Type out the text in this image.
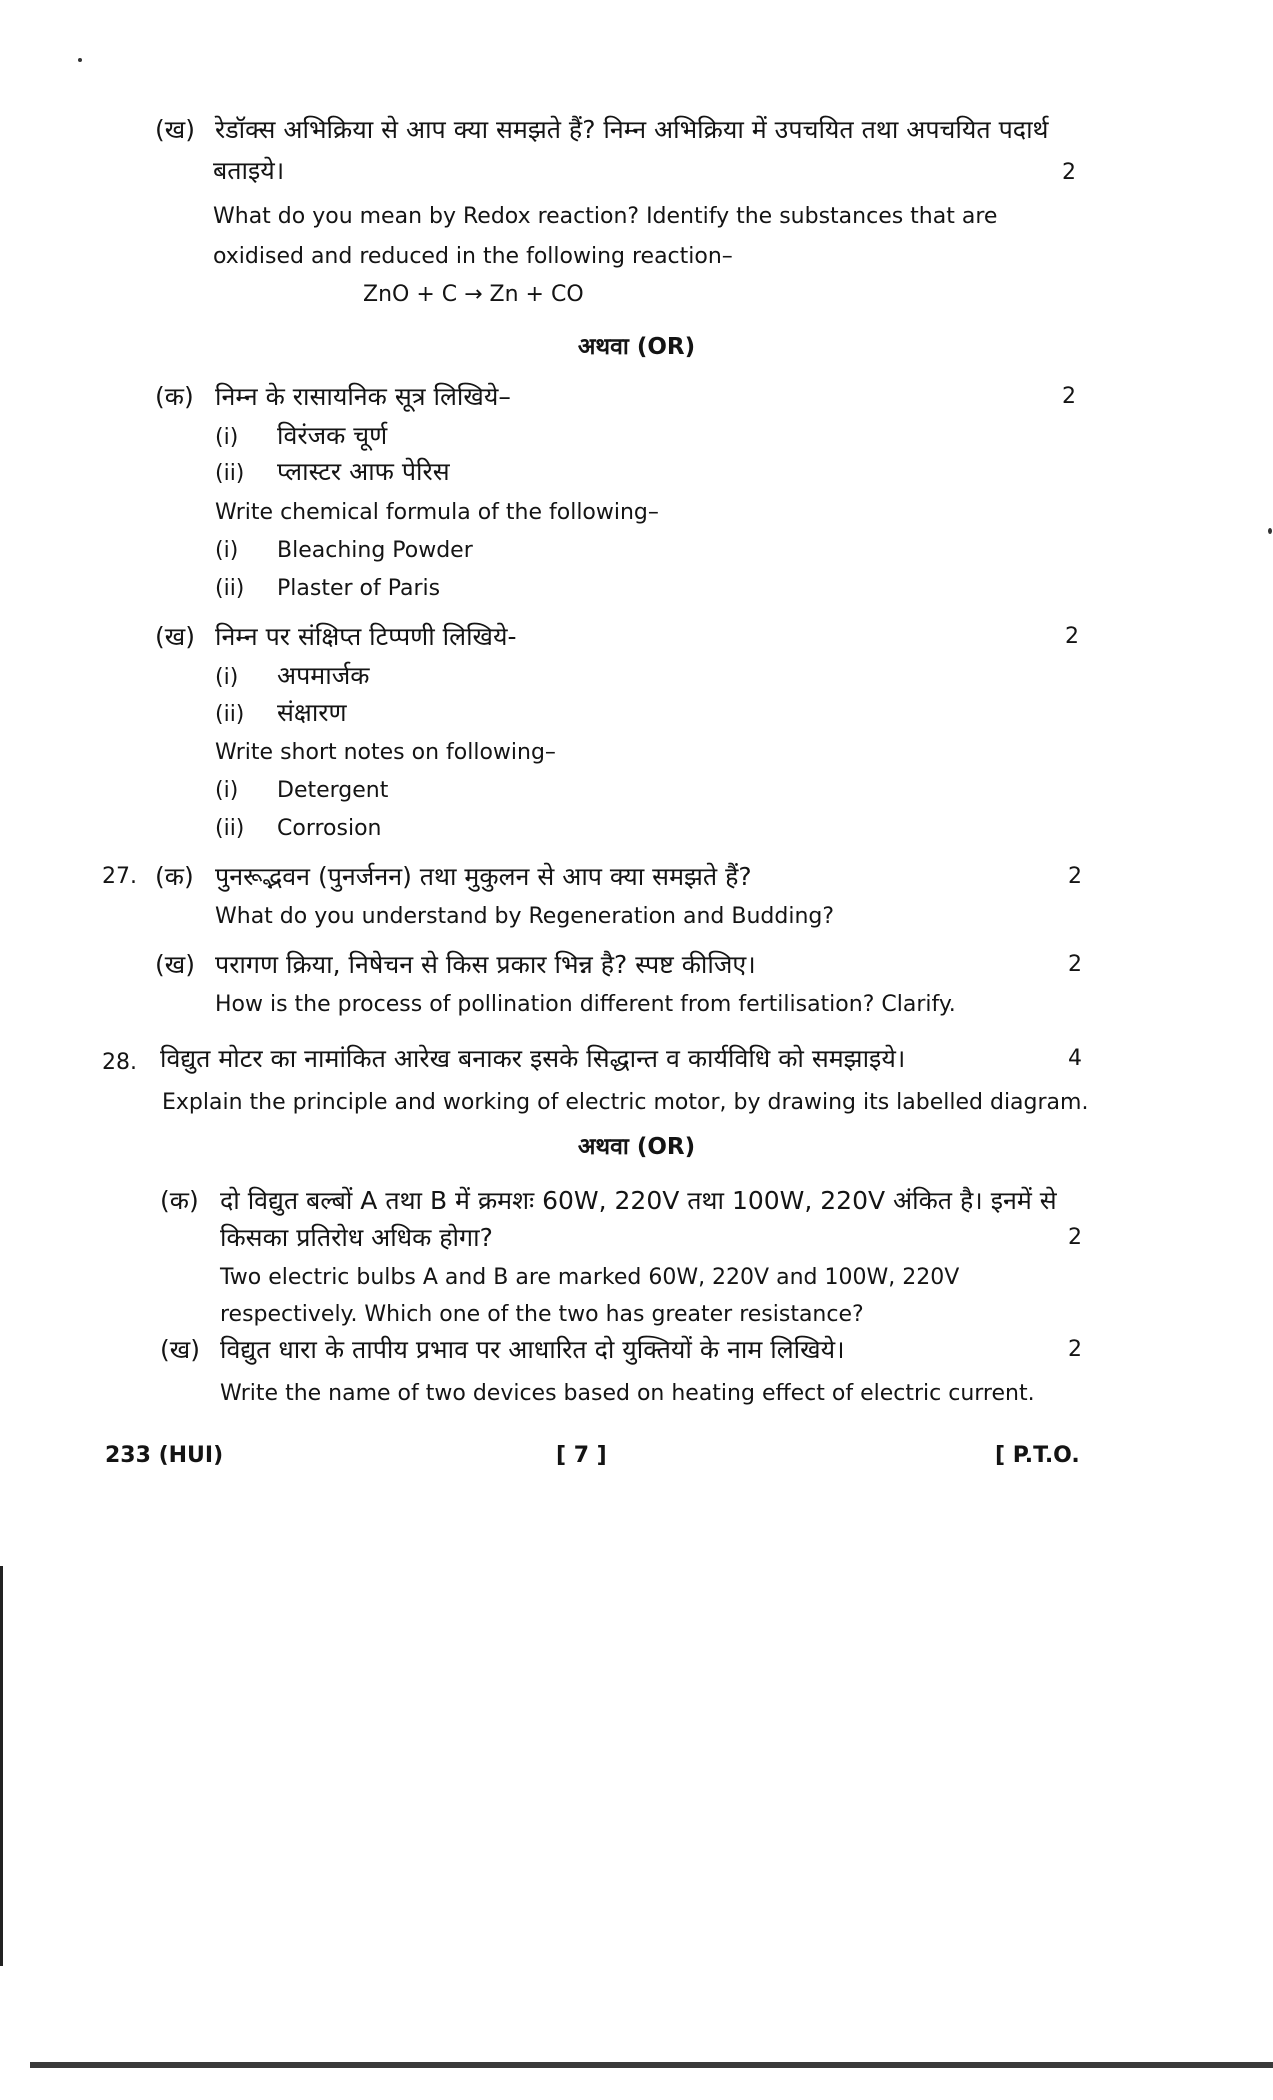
(ख) रेडॉक्स अभिक्रिया से आप क्या समझते हैं? निम्न अभिक्रिया में उपचयित तथा अपचयित पदार्थ
बताइये।	2
What do you mean by Redox reaction? Identify the substances that are
oxidised and reduced in the following reaction–
ZnO + C → Zn + CO
अथवा (OR)
(क) निम्न के रासायनिक सूत्र लिखिये–	2
(i) विरंजक चूर्ण
(ii) प्लास्टर आफ पेरिस
Write chemical formula of the following–
(i) Bleaching Powder
(ii) Plaster of Paris
(ख) निम्न पर संक्षिप्त टिप्पणी लिखिये-	2
(i) अपमार्जक
(ii) संक्षारण
Write short notes on following–
(i) Detergent
(ii) Corrosion
27. (क) पुनरूद्भवन (पुनर्जनन) तथा मुकुलन से आप क्या समझते हैं?	2
What do you understand by Regeneration and Budding?
(ख) परागण क्रिया, निषेचन से किस प्रकार भिन्न है? स्पष्ट कीजिए।	2
How is the process of pollination different from fertilisation? Clarify.
28. विद्युत मोटर का नामांकित आरेख बनाकर इसके सिद्धान्त व कार्यविधि को समझाइये।	4
Explain the principle and working of electric motor, by drawing its labelled diagram.
अथवा (OR)
(क) दो विद्युत बल्बों A तथा B में क्रमशः 60W, 220V तथा 100W, 220V अंकित है। इनमें से
किसका प्रतिरोध अधिक होगा?	2
Two electric bulbs A and B are marked 60W, 220V and 100W, 220V
respectively. Which one of the two has greater resistance?
(ख) विद्युत धारा के तापीय प्रभाव पर आधारित दो युक्तियों के नाम लिखिये।	2
Write the name of two devices based on heating effect of electric current.
233 (HUI)	[ 7 ]	[ P.T.O.
